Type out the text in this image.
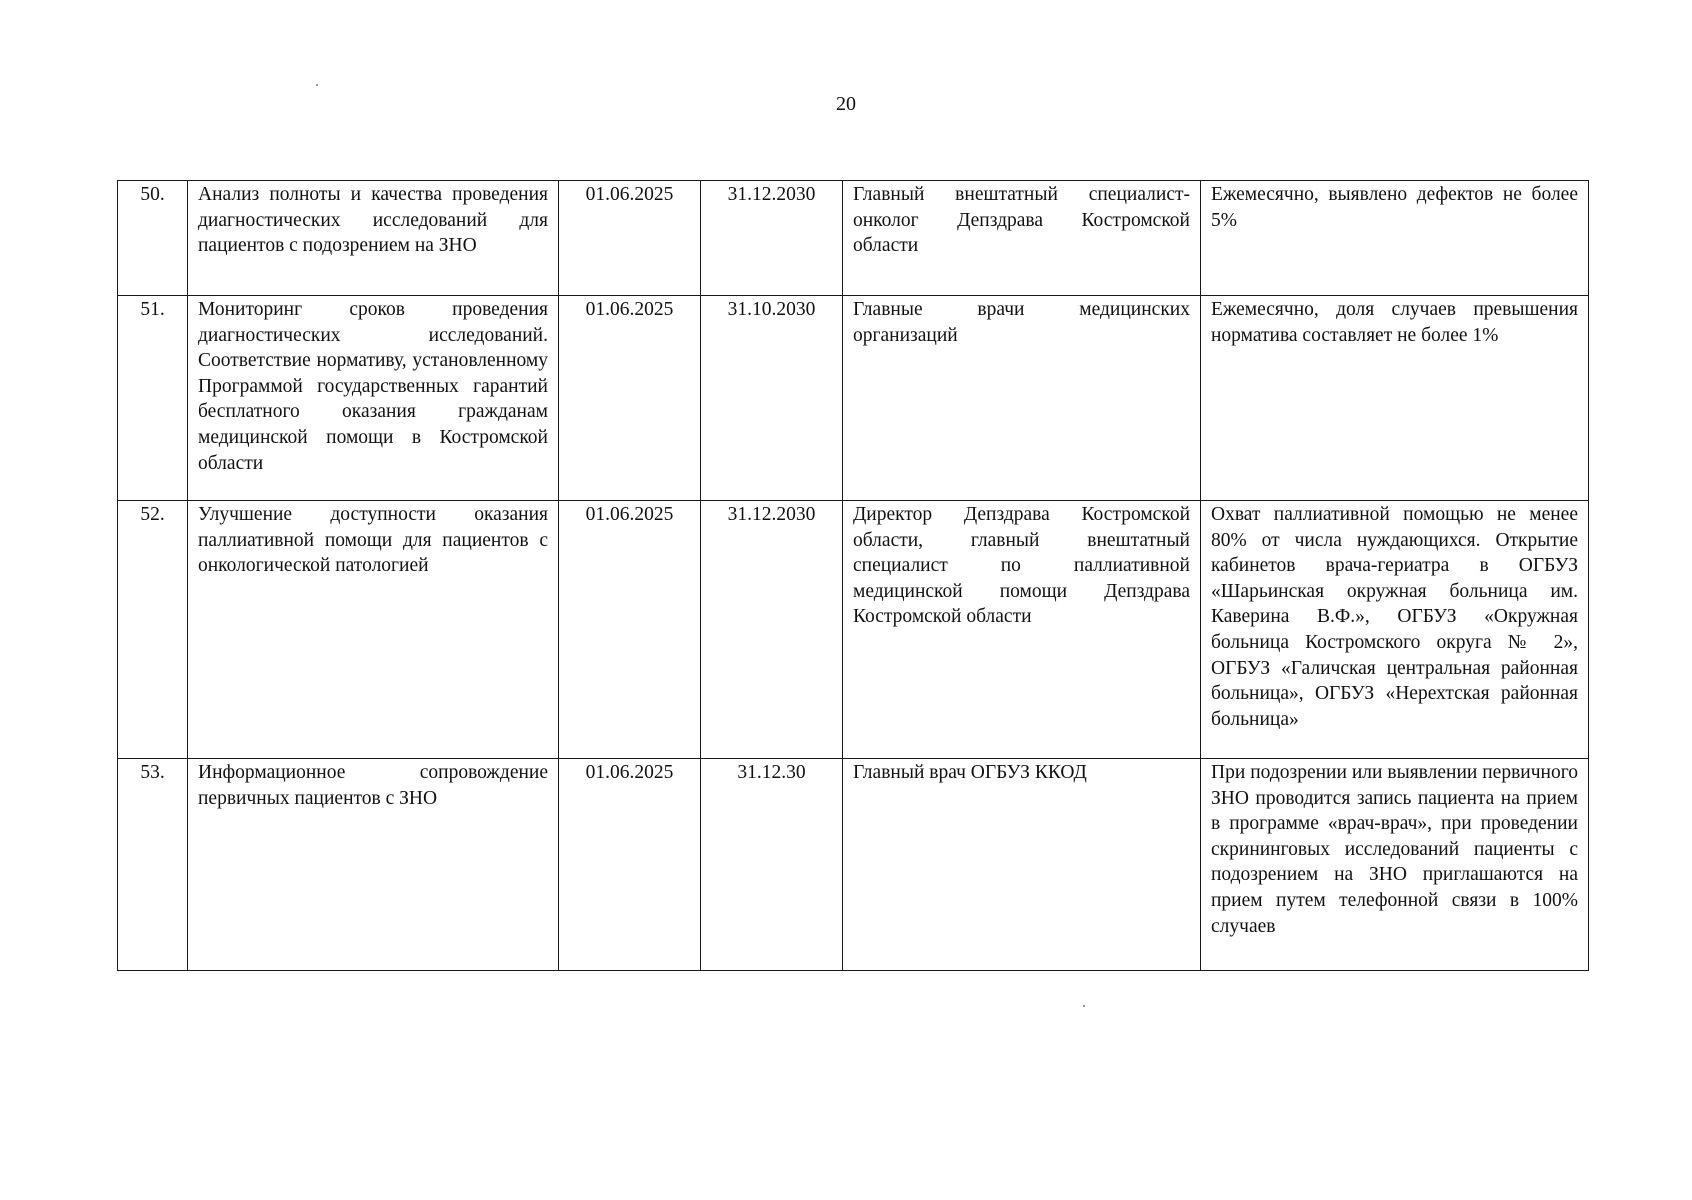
20
50.	Анализ полноты и качества проведения диагностических исследований для пациентов с подозрением на ЗНО	01.06.2025	31.12.2030	Главный внештатный специалист-онколог Депздрава Костромской области	Ежемесячно, выявлено дефектов не более 5%
51.	Мониторинг сроков проведения диагностических исследований. Соответствие нормативу, установленному Программой государственных гарантий бесплатного оказания гражданам медицинской помощи в Костромской области	01.06.2025	31.10.2030	Главные врачи медицинских организаций	Ежемесячно, доля случаев превышения норматива составляет не более 1%
52.	Улучшение доступности оказания паллиативной помощи для пациентов с онкологической патологией	01.06.2025	31.12.2030	Директор Депздрава Костромской области, главный внештатный специалист по паллиативной медицинской помощи Депздрава Костромской области	Охват паллиативной помощью не менее 80% от числа нуждающихся. Открытие кабинетов врача-гериатра в ОГБУЗ «Шарьинская окружная больница им. Каверина В.Ф.», ОГБУЗ «Окружная больница Костромского округа № 2», ОГБУЗ «Галичская центральная районная больница», ОГБУЗ «Нерехтская районная больница»
53.	Информационное сопровождение первичных пациентов с ЗНО	01.06.2025	31.12.30	Главный врач ОГБУЗ ККОД	При подозрении или выявлении первичного ЗНО проводится запись пациента на прием в программе «врач-врач», при проведении скрининговых исследований пациенты с подозрением на ЗНО приглашаются на прием путем телефонной связи в 100% случаев
